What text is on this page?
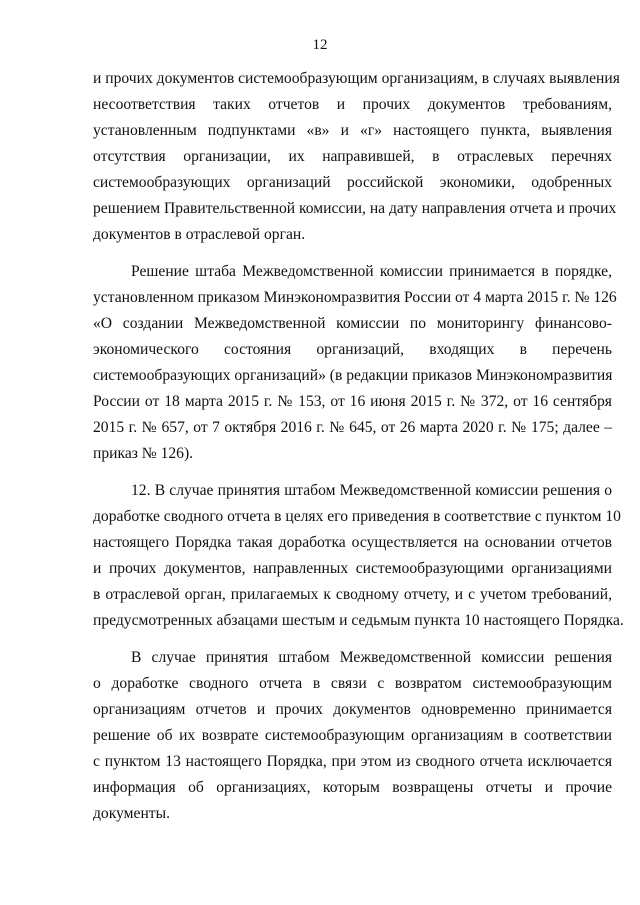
12
и прочих документов системообразующим организациям, в случаях выявления
несоответствия таких отчетов и прочих документов требованиям,
установленным подпунктами «в» и «г» настоящего пункта, выявления
отсутствия организации, их направившей, в отраслевых перечнях
системообразующих организаций российской экономики, одобренных
решением Правительственной комиссии, на дату направления отчета и прочих
документов в отраслевой орган.
Решение штаба Межведомственной комиссии принимается в порядке,
установленном приказом Минэкономразвития России от 4 марта 2015 г. № 126
«О создании Межведомственной комиссии по мониторингу финансово-
экономического состояния организаций, входящих в перечень
системообразующих организаций» (в редакции приказов Минэкономразвития
России от 18 марта 2015 г. № 153, от 16 июня 2015 г. № 372, от 16 сентября
2015 г. № 657, от 7 октября 2016 г. № 645, от 26 марта 2020 г. № 175; далее –
приказ № 126).
12. В случае принятия штабом Межведомственной комиссии решения о
доработке сводного отчета в целях его приведения в соответствие с пунктом 10
настоящего Порядка такая доработка осуществляется на основании отчетов
и прочих документов, направленных системообразующими организациями
в отраслевой орган, прилагаемых к сводному отчету, и с учетом требований,
предусмотренных абзацами шестым и седьмым пункта 10 настоящего Порядка.
В случае принятия штабом Межведомственной комиссии решения
о доработке сводного отчета в связи с возвратом системообразующим
организациям отчетов и прочих документов одновременно принимается
решение об их возврате системообразующим организациям в соответствии
с пунктом 13 настоящего Порядка, при этом из сводного отчета исключается
информация об организациях, которым возвращены отчеты и прочие
документы.
